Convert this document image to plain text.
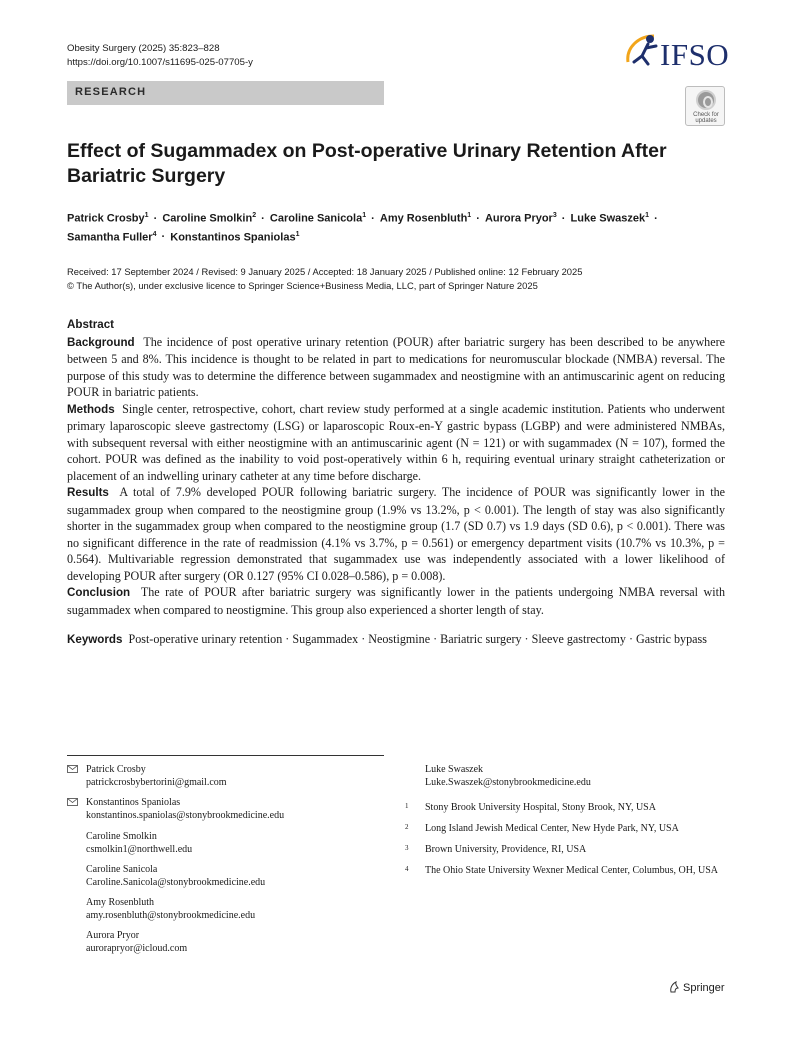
Obesity Surgery (2025) 35:823–828
https://doi.org/10.1007/s11695-025-07705-y	IFSO
RESEARCH
Check for
updates
Effect of Sugammadex on Post-operative Urinary Retention After Bariatric Surgery
Patrick Crosby$^1$ · Caroline Smolkin$^2$ · Caroline Sanicola$^1$ · Amy Rosenbluth$^1$ · Aurora Pryor$^3$ · Luke Swaszek$^1$ ·
Samantha Fuller$^4$ · Konstantinos Spaniolas$^1$
Received: 17 September 2024 / Revised: 9 January 2025 / Accepted: 18 January 2025 / Published online: 12 February 2025
© The Author(s), under exclusive licence to Springer Science+Business Media, LLC, part of Springer Nature 2025
Abstract

Background The incidence of post operative urinary retention (POUR) after bariatric surgery has been described to be anywhere between 5 and 8%. This incidence is thought to be related in part to medications for neuromuscular blockade (NMBA) reversal. The purpose of this study was to determine the difference between sugammadex and neostigmine with an antimuscarinic agent on reducing POUR in bariatric patients.

Methods Single center, retrospective, cohort, chart review study performed at a single academic institution. Patients who underwent primary laparoscopic sleeve gastrectomy (LSG) or laparoscopic Roux-en-Y gastric bypass (LGBP) and were administered NMBAs, with subsequent reversal with either neostigmine with an antimuscarinic agent (N = 121) or with sugammadex (N = 107), formed the cohort. POUR was defined as the inability to void post-operatively within 6 h, requiring eventual urinary straight catheterization or placement of an indwelling urinary catheter at any time before discharge.

Results A total of 7.9% developed POUR following bariatric surgery. The incidence of POUR was significantly lower in the sugammadex group when compared to the neostigmine group (1.9% vs 13.2%, p < 0.001). The length of stay was also significantly shorter in the sugammadex group when compared to the neostigmine group (1.7 (SD 0.7) vs 1.9 days (SD 0.6), p < 0.001). There was no significant difference in the rate of readmission (4.1% vs 3.7%, p = 0.561) or emergency department visits (10.7% vs 10.3%, p = 0.564). Multivariable regression demonstrated that sugammadex use was independently associated with a lower likelihood of developing POUR after surgery (OR 0.127 (95% CI 0.028–0.586), p = 0.008).

Conclusion The rate of POUR after bariatric surgery was significantly lower in the patients undergoing NMBA reversal with sugammadex when compared to neostigmine. This group also experienced a shorter length of stay.

Keywords Post-operative urinary retention · Sugammadex · Neostigmine · Bariatric surgery · Sleeve gastrectomy · Gastric bypass
Patrick Crosby
patrickcrosbybertorini@gmail.com
Konstantinos Spaniolas
konstantinos.spaniolas@stonybrookmedicine.edu
Caroline Smolkin
csmolkin1@northwell.edu
Caroline Sanicola
Caroline.Sanicola@stonybrookmedicine.edu
Amy Rosenbluth
amy.rosenbluth@stonybrookmedicine.edu
Aurora Pryor
aurorapryor@icloud.com
Luke Swaszek
Luke.Swaszek@stonybrookmedicine.edu
1 Stony Brook University Hospital, Stony Brook, NY, USA
2 Long Island Jewish Medical Center, New Hyde Park, NY, USA
3 Brown University, Providence, RI, USA
4 The Ohio State University Wexner Medical Center, Columbus, OH, USA
Springer
